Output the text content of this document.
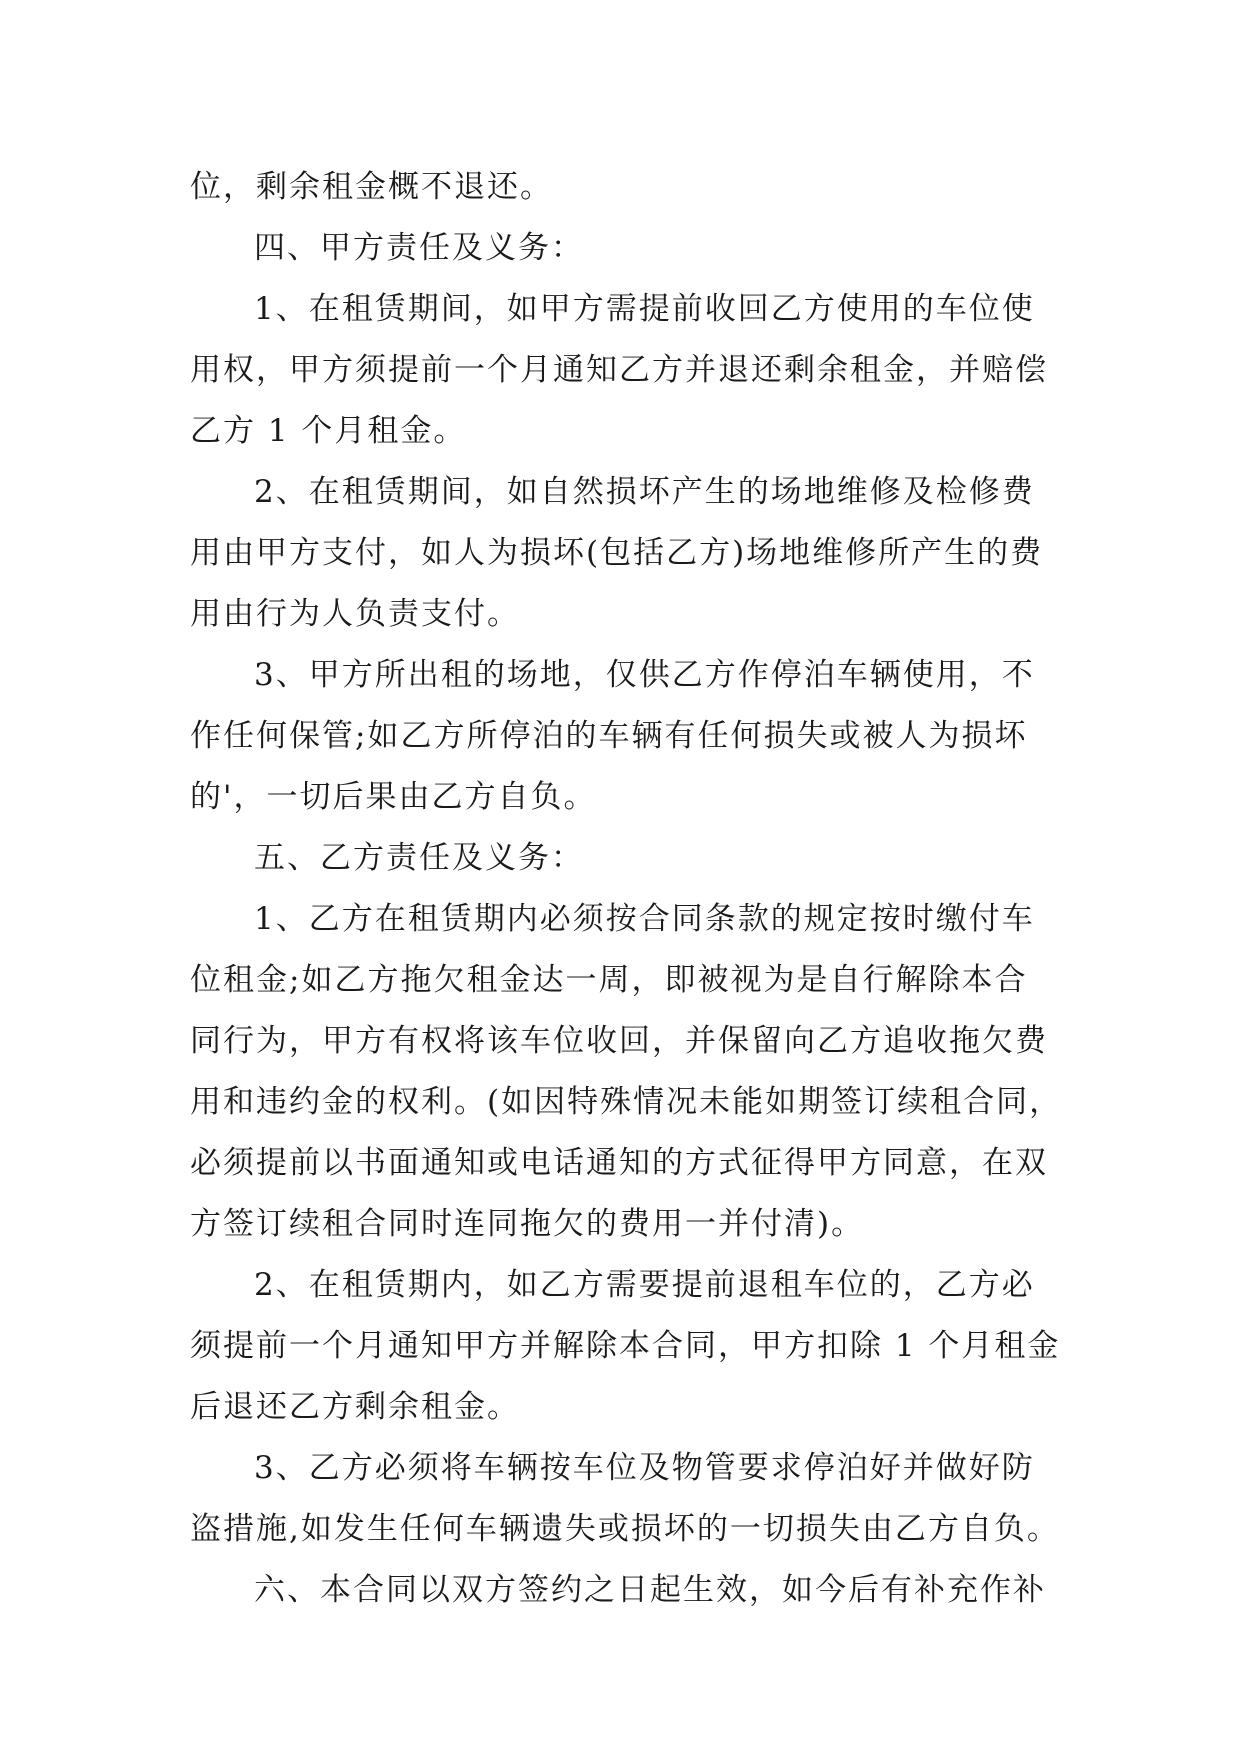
位，剩余租金概不退还。
四、甲方责任及义务：
1、在租赁期间，如甲方需提前收回乙方使用的车位使
用权，甲方须提前一个月通知乙方并退还剩余租金，并赔偿
乙方 1 个月租金。
2、在租赁期间，如自然损坏产生的场地维修及检修费
用由甲方支付，如人为损坏(包括乙方)场地维修所产生的费
用由行为人负责支付。
3、甲方所出租的场地，仅供乙方作停泊车辆使用，不
作任何保管;如乙方所停泊的车辆有任何损失或被人为损坏
的'，一切后果由乙方自负。
五、乙方责任及义务：
1、乙方在租赁期内必须按合同条款的规定按时缴付车
位租金;如乙方拖欠租金达一周，即被视为是自行解除本合
同行为，甲方有权将该车位收回，并保留向乙方追收拖欠费
用和违约金的权利。(如因特殊情况未能如期签订续租合同，
必须提前以书面通知或电话通知的方式征得甲方同意，在双
方签订续租合同时连同拖欠的费用一并付清)。
2、在租赁期内，如乙方需要提前退租车位的，乙方必
须提前一个月通知甲方并解除本合同，甲方扣除 1 个月租金
后退还乙方剩余租金。
3、乙方必须将车辆按车位及物管要求停泊好并做好防
盗措施,如发生任何车辆遗失或损坏的一切损失由乙方自负。
六、本合同以双方签约之日起生效，如今后有补充作补
